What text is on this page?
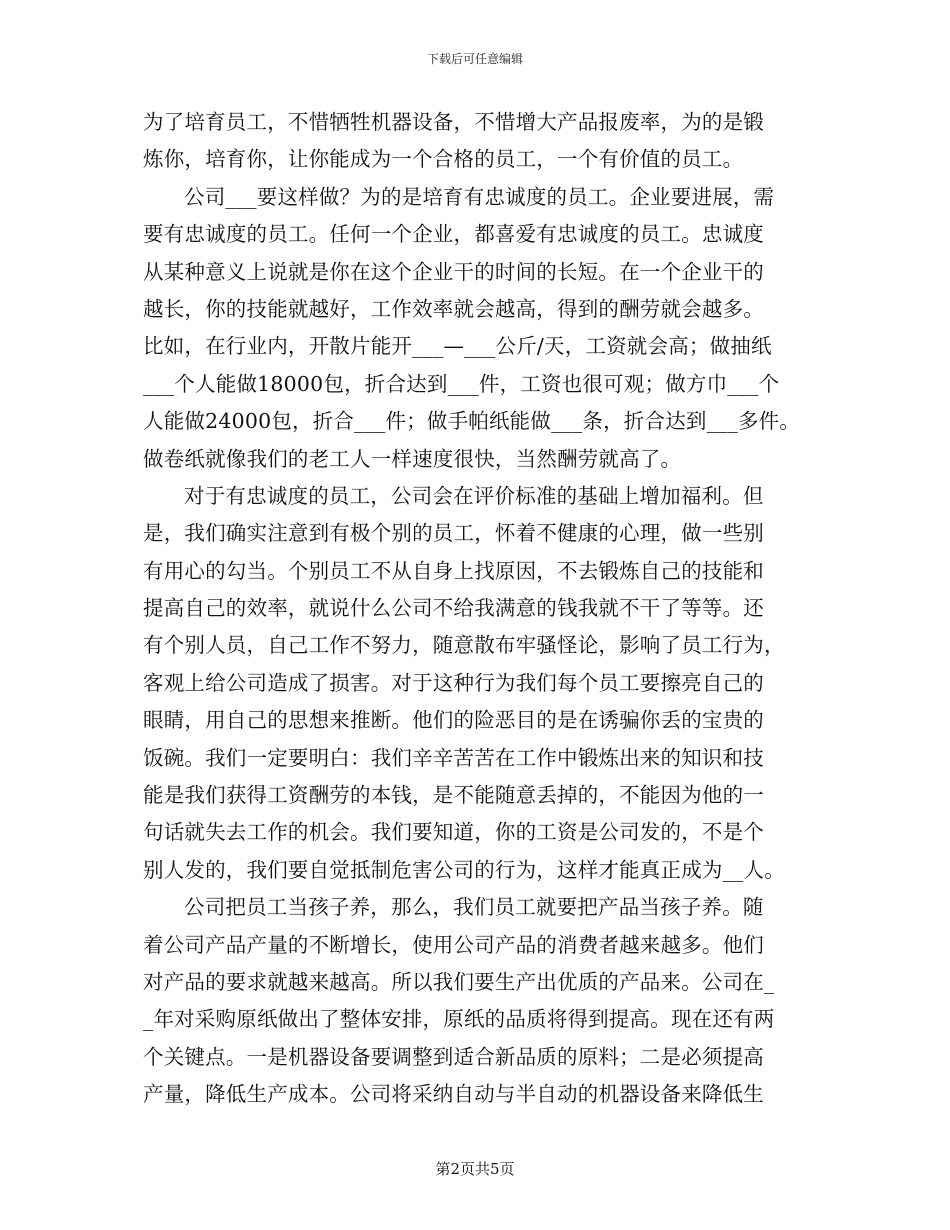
下载后可任意编辑
为了培育员工，不惜牺牲机器设备，不惜增大产品报废率，为的是锻
炼你，培育你，让你能成为一个合格的员工，一个有价值的员工。
公司___要这样做？为的是培育有忠诚度的员工。企业要进展，需
要有忠诚度的员工。任何一个企业，都喜爱有忠诚度的员工。忠诚度
从某种意义上说就是你在这个企业干的时间的长短。在一个企业干的
越长，你的技能就越好，工作效率就会越高，得到的酬劳就会越多。
比如，在行业内，开散片能开___—___公斤/天，工资就会高；做抽纸
___个人能做18000包，折合达到___件，工资也很可观；做方巾___个
人能做24000包，折合___件；做手帕纸能做___条，折合达到___多件。
做卷纸就像我们的老工人一样速度很快，当然酬劳就高了。
对于有忠诚度的员工，公司会在评价标准的基础上增加福利。但
是，我们确实注意到有极个别的员工，怀着不健康的心理，做一些别
有用心的勾当。个别员工不从自身上找原因，不去锻炼自己的技能和
提高自己的效率，就说什么公司不给我满意的钱我就不干了等等。还
有个别人员，自己工作不努力，随意散布牢骚怪论，影响了员工行为，
客观上给公司造成了损害。对于这种行为我们每个员工要擦亮自己的
眼睛，用自己的思想来推断。他们的险恶目的是在诱骗你丢的宝贵的
饭碗。我们一定要明白：我们辛辛苦苦在工作中锻炼出来的知识和技
能是我们获得工资酬劳的本钱，是不能随意丢掉的，不能因为他的一
句话就失去工作的机会。我们要知道，你的工资是公司发的，不是个
别人发的，我们要自觉抵制危害公司的行为，这样才能真正成为__人。
公司把员工当孩子养，那么，我们员工就要把产品当孩子养。随
着公司产品产量的不断增长，使用公司产品的消费者越来越多。他们
对产品的要求就越来越高。所以我们要生产出优质的产品来。公司在_
_年对采购原纸做出了整体安排，原纸的品质将得到提高。现在还有两
个关键点。一是机器设备要调整到适合新品质的原料；二是必须提高
产量，降低生产成本。公司将采纳自动与半自动的机器设备来降低生
第2页共5页
